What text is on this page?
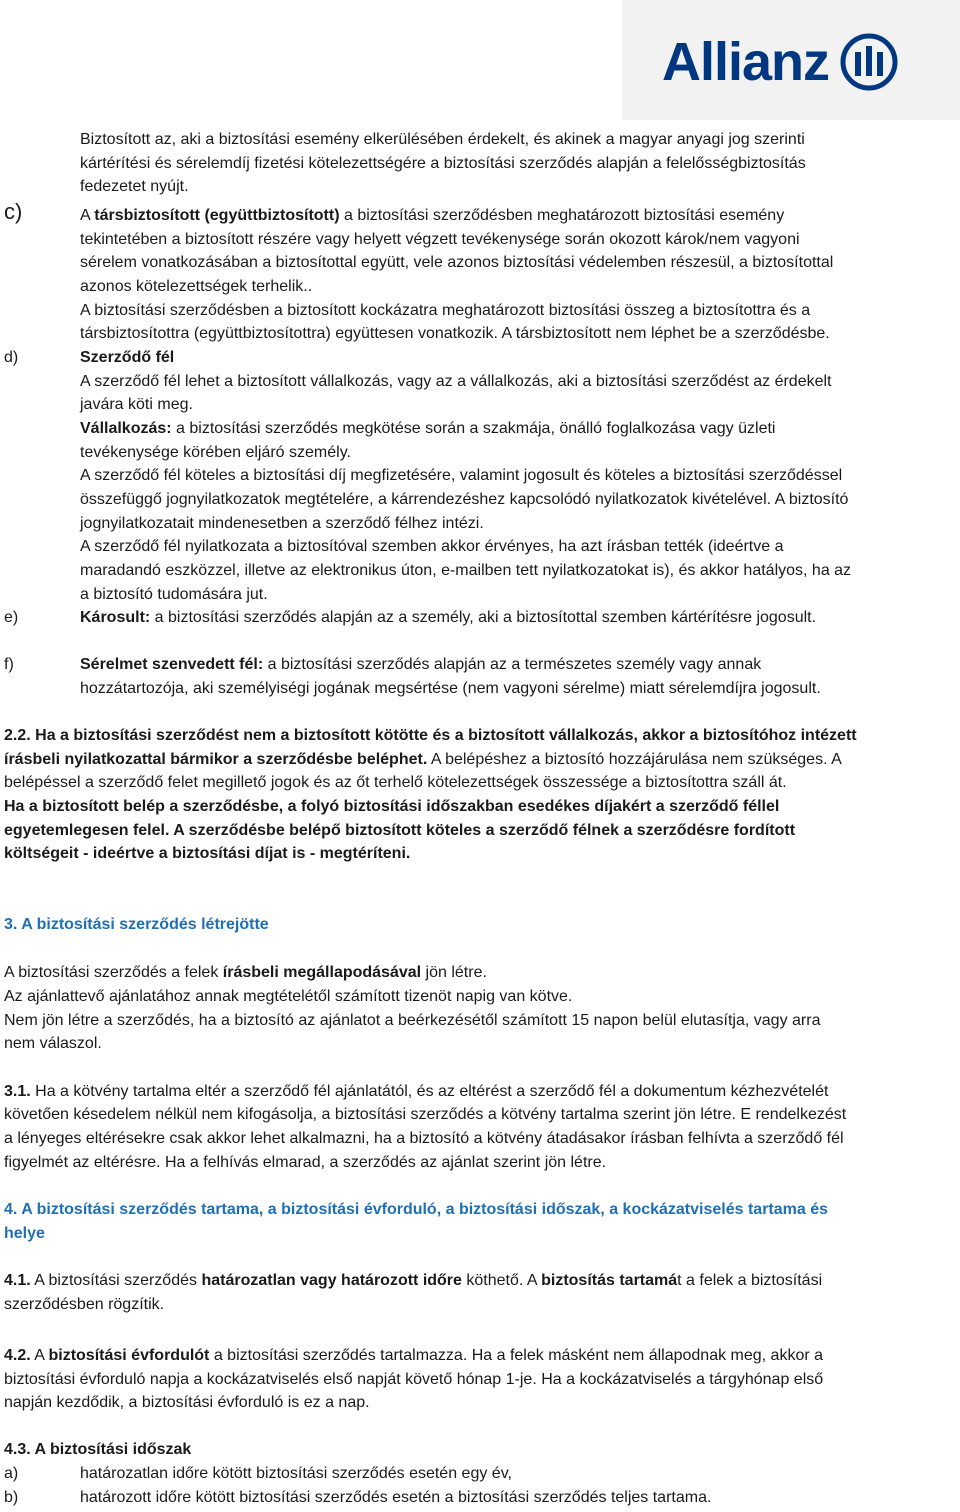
Allianz
Biztosított az, aki a biztosítási esemény elkerülésében érdekelt, és akinek a magyar anyagi jog szerinti
kártérítési és sérelemdíj fizetési kötelezettségére a biztosítási szerződés alapján a felelősségbiztosítás
fedezetet nyújt.
c)	A társbiztosított (együttbiztosított) a biztosítási szerződésben meghatározott biztosítási esemény
tekintetében a biztosított részére vagy helyett végzett tevékenysége során okozott károk/nem vagyoni
sérelem vonatkozásában a biztosítottal együtt, vele azonos biztosítási védelemben részesül, a biztosítottal
azonos kötelezettségek terhelik..
A biztosítási szerződésben a biztosított kockázatra meghatározott biztosítási összeg a biztosítottra és a
társbiztosítottra (együttbiztosítottra) együttesen vonatkozik. A társbiztosított nem léphet be a szerződésbe.
d)	Szerződő fél
A szerződő fél lehet a biztosított vállalkozás, vagy az a vállalkozás, aki a biztosítási szerződést az érdekelt
javára köti meg.
Vállalkozás: a biztosítási szerződés megkötése során a szakmája, önálló foglalkozása vagy üzleti
tevékenysége körében eljáró személy.
A szerződő fél köteles a biztosítási díj megfizetésére, valamint jogosult és köteles a biztosítási szerződéssel
összefüggő jognyilatkozatok megtételére, a kárrendezéshez kapcsolódó nyilatkozatok kivételével. A biztosító
jognyilatkozatait mindenesetben a szerződő félhez intézi.
A szerződő fél nyilatkozata a biztosítóval szemben akkor érvényes, ha azt írásban tették (ideértve a
maradandó eszközzel, illetve az elektronikus úton, e-mailben tett nyilatkozatokat is), és akkor hatályos, ha az
a biztosító tudomására jut.
e)	Károsult: a biztosítási szerződés alapján az a személy, aki a biztosítottal szemben kártérítésre jogosult.
f)	Sérelmet szenvedett fél: a biztosítási szerződés alapján az a természetes személy vagy annak
hozzátartozója, aki személyiségi jogának megsértése (nem vagyoni sérelme) miatt sérelemdíjra jogosult.
2.2. Ha a biztosítási szerződést nem a biztosított kötötte és a biztosított vállalkozás, akkor a biztosítóhoz intézett
írásbeli nyilatkozattal bármikor a szerződésbe beléphet. A belépéshez a biztosító hozzájárulása nem szükséges. A
belépéssel a szerződő felet megillető jogok és az őt terhelő kötelezettségek összessége a biztosítottra száll át.
Ha a biztosított belép a szerződésbe, a folyó biztosítási időszakban esedékes díjakért a szerződő féllel
egyetemlegesen felel. A szerződésbe belépő biztosított köteles a szerződő félnek a szerződésre fordított
költségeit - ideértve a biztosítási díjat is - megtéríteni.
3. A biztosítási szerződés létrejötte
A biztosítási szerződés a felek írásbeli megállapodásával jön létre.
Az ajánlattevő ajánlatához annak megtételétől számított tizenöt napig van kötve.
Nem jön létre a szerződés, ha a biztosító az ajánlatot a beérkezésétől számított 15 napon belül elutasítja, vagy arra
nem válaszol.
3.1. Ha a kötvény tartalma eltér a szerződő fél ajánlatától, és az eltérést a szerződő fél a dokumentum kézhezvételét
követően késedelem nélkül nem kifogásolja, a biztosítási szerződés a kötvény tartalma szerint jön létre. E rendelkezést
a lényeges eltérésekre csak akkor lehet alkalmazni, ha a biztosító a kötvény átadásakor írásban felhívta a szerződő fél
figyelmét az eltérésre. Ha a felhívás elmarad, a szerződés az ajánlat szerint jön létre.
4. A biztosítási szerződés tartama, a biztosítási évforduló, a biztosítási időszak, a kockázatviselés tartama és
helye
4.1. A biztosítási szerződés határozatlan vagy határozott időre köthető. A biztosítás tartamát a felek a biztosítási
szerződésben rögzítik.
4.2. A biztosítási évfordulót a biztosítási szerződés tartalmazza. Ha a felek másként nem állapodnak meg, akkor a
biztosítási évforduló napja a kockázatviselés első napját követő hónap 1-je. Ha a kockázatviselés a tárgyhónap első
napján kezdődik, a biztosítási évforduló is ez a nap.
4.3. A biztosítási időszak
a)	határozatlan időre kötött biztosítási szerződés esetén egy év,
b)	határozott időre kötött biztosítási szerződés esetén a biztosítási szerződés teljes tartama.
